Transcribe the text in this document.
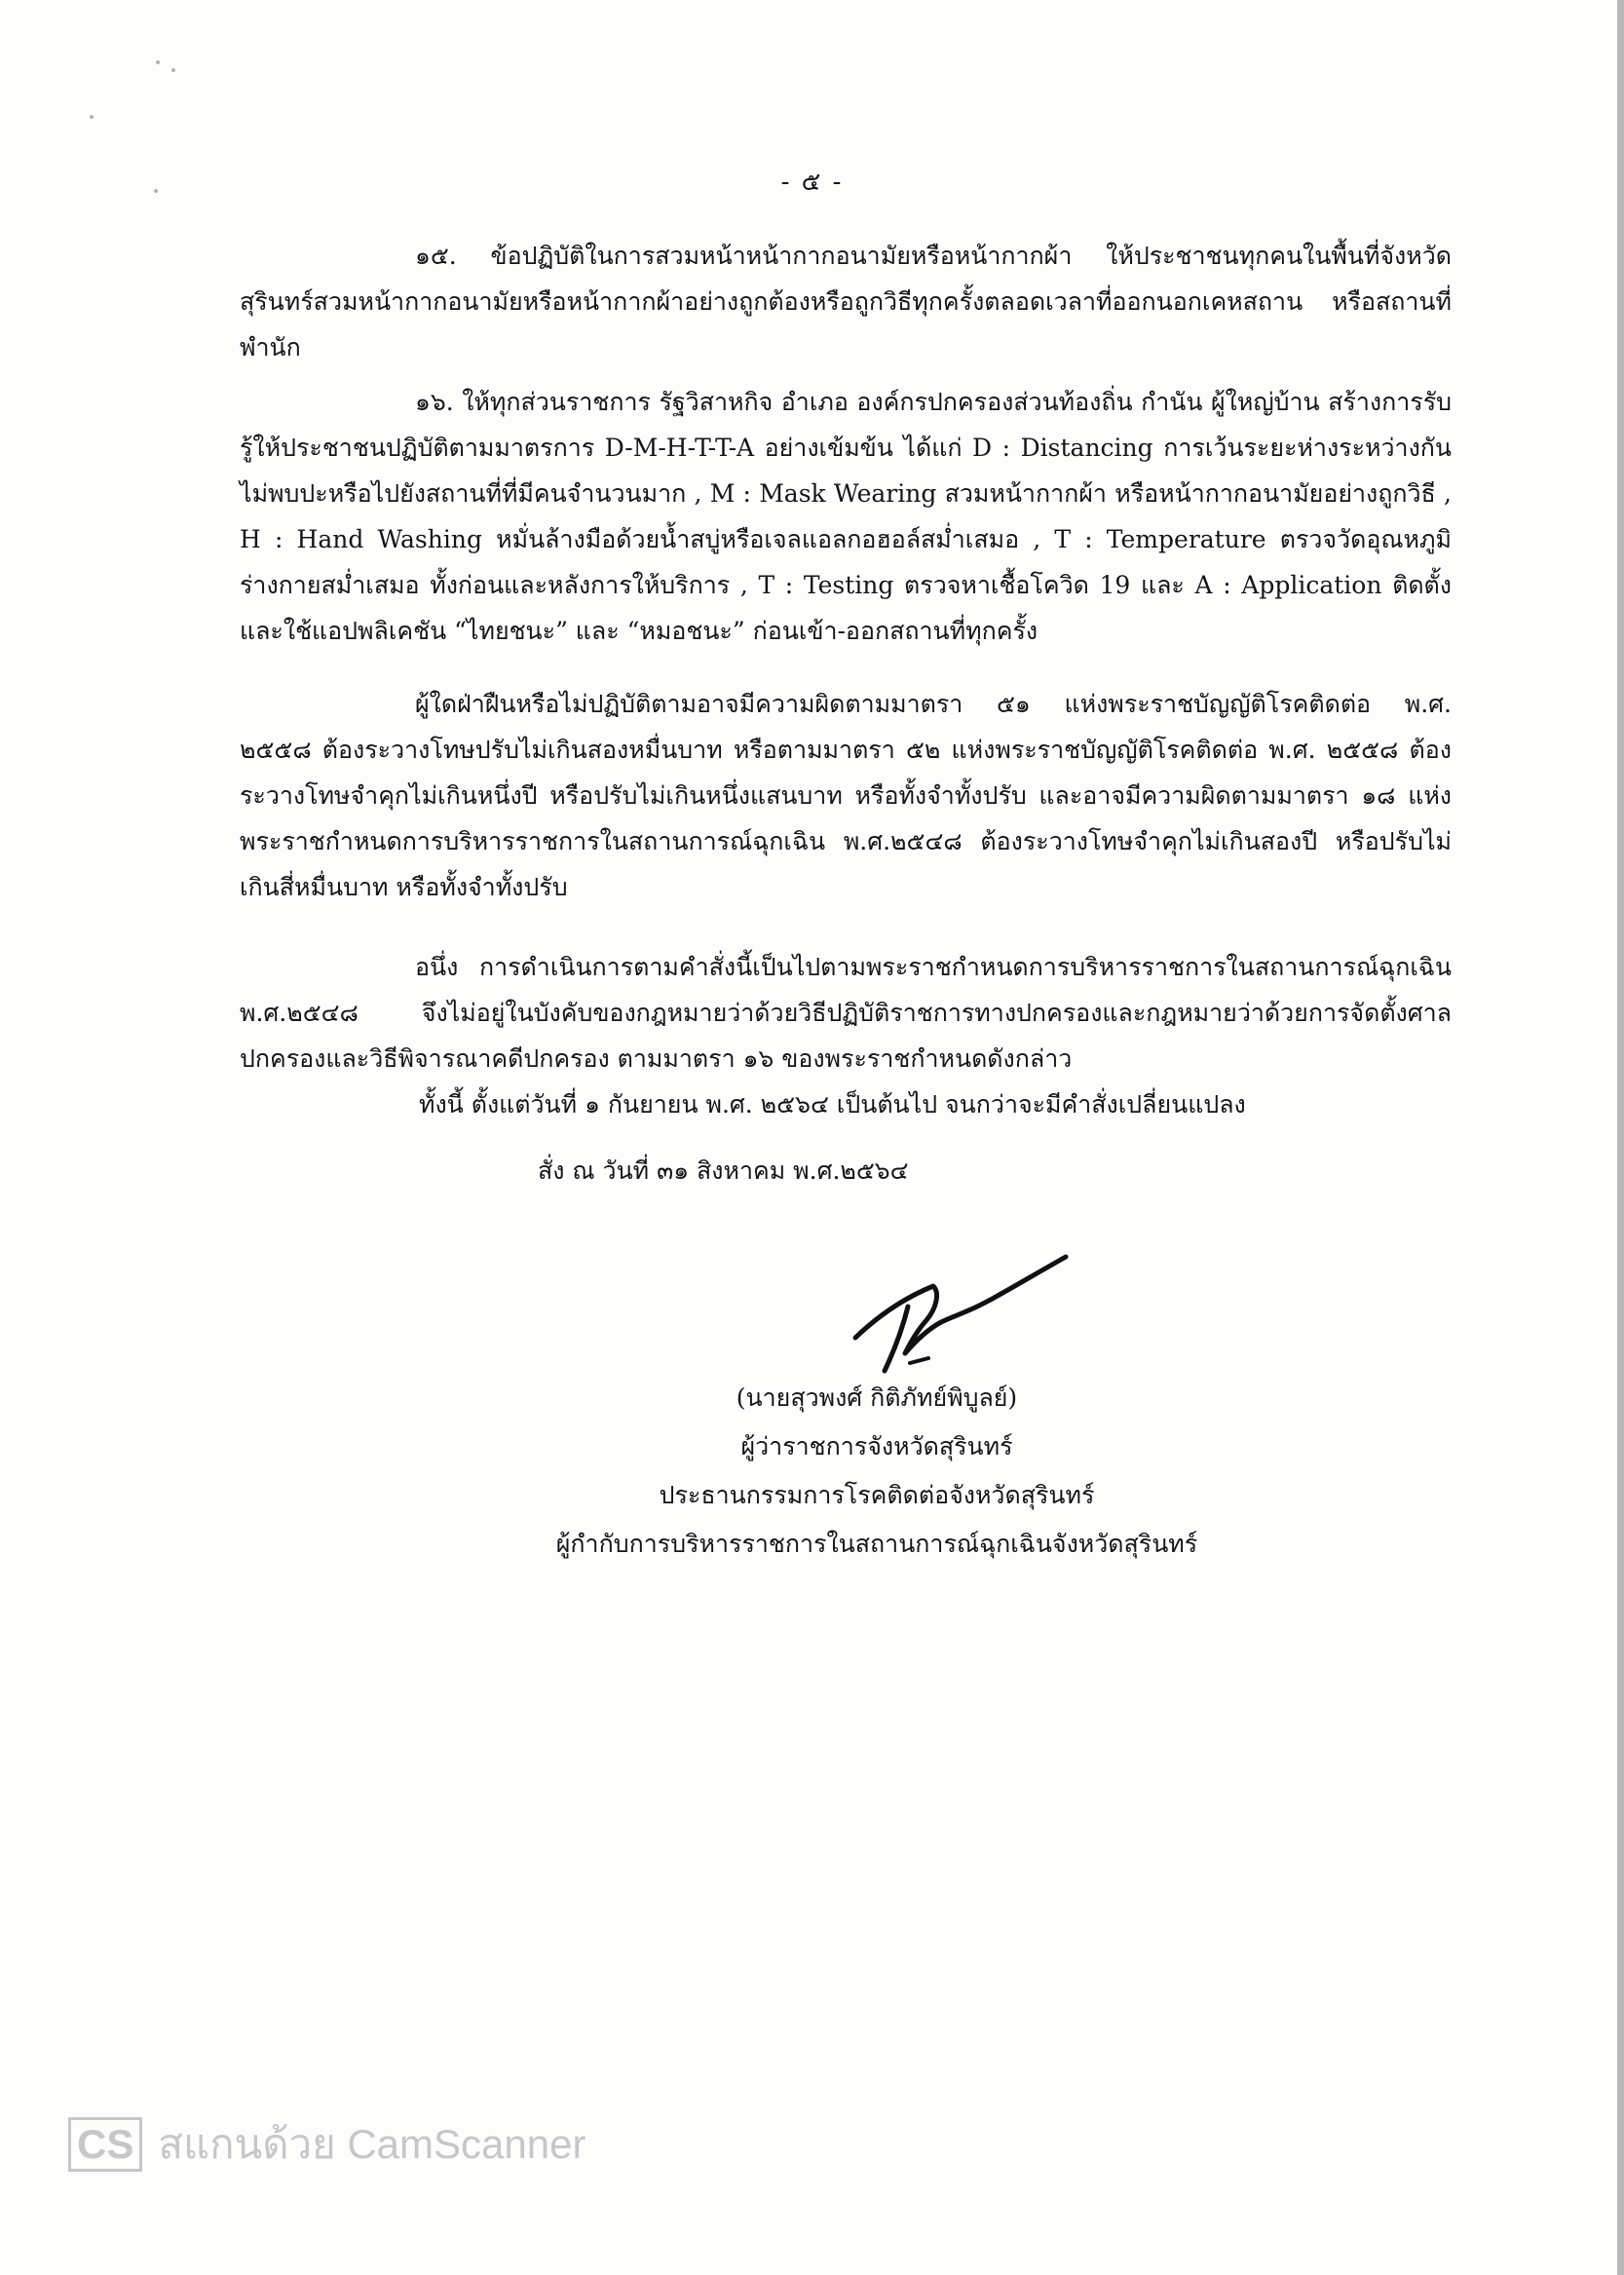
- ๕ -

๑๕. ข้อปฏิบัติในการสวมหน้าหน้ากากอนามัยหรือหน้ากากผ้า ให้ประชาชนทุกคนในพื้นที่จังหวัดสุรินทร์สวมหน้ากากอนามัยหรือหน้ากากผ้าอย่างถูกต้องหรือถูกวิธีทุกครั้งตลอดเวลาที่ออกนอกเคหสถาน หรือสถานที่พำนัก

๑๖. ให้ทุกส่วนราชการ รัฐวิสาหกิจ อำเภอ องค์กรปกครองส่วนท้องถิ่น กำนัน ผู้ใหญ่บ้าน สร้างการรับรู้ให้ประชาชนปฏิบัติตามมาตรการ D-M-H-T-T-A อย่างเข้มข้น ได้แก่ D : Distancing การเว้นระยะห่างระหว่างกัน ไม่พบปะหรือไปยังสถานที่ที่มีคนจำนวนมาก , M : Mask Wearing สวมหน้ากากผ้า หรือหน้ากากอนามัยอย่างถูกวิธี , H : Hand Washing หมั่นล้างมือด้วยน้ำสบู่หรือเจลแอลกอฮอล์สม่ำเสมอ , T : Temperature ตรวจวัดอุณหภูมิร่างกายสม่ำเสมอ ทั้งก่อนและหลังการให้บริการ , T : Testing ตรวจหาเชื้อโควิด 19 และ A : Application ติดตั้งและใช้แอปพลิเคชัน “ไทยชนะ” และ “หมอชนะ” ก่อนเข้า-ออกสถานที่ทุกครั้ง

ผู้ใดฝ่าฝืนหรือไม่ปฏิบัติตามอาจมีความผิดตามมาตรา ๕๑ แห่งพระราชบัญญัติโรคติดต่อ พ.ศ. ๒๕๕๘ ต้องระวางโทษปรับไม่เกินสองหมื่นบาท หรือตามมาตรา ๕๒ แห่งพระราชบัญญัติโรคติดต่อ พ.ศ. ๒๕๕๘ ต้องระวางโทษจำคุกไม่เกินหนึ่งปี หรือปรับไม่เกินหนึ่งแสนบาท หรือทั้งจำทั้งปรับ และอาจมีความผิดตามมาตรา ๑๘ แห่งพระราชกำหนดการบริหารราชการในสถานการณ์ฉุกเฉิน พ.ศ.๒๕๔๘ ต้องระวางโทษจำคุกไม่เกินสองปี หรือปรับไม่เกินสี่หมื่นบาท หรือทั้งจำทั้งปรับ

อนึ่ง การดำเนินการตามคำสั่งนี้เป็นไปตามพระราชกำหนดการบริหารราชการในสถานการณ์ฉุกเฉิน พ.ศ.๒๕๔๘ จึงไม่อยู่ในบังคับของกฎหมายว่าด้วยวิธีปฏิบัติราชการทางปกครองและกฎหมายว่าด้วยการจัดตั้งศาลปกครองและวิธีพิจารณาคดีปกครอง ตามมาตรา ๑๖ ของพระราชกำหนดดังกล่าว

ทั้งนี้ ตั้งแต่วันที่ ๑ กันยายน พ.ศ. ๒๕๖๔ เป็นต้นไป จนกว่าจะมีคำสั่งเปลี่ยนแปลง
สั่ง ณ วันที่ ๓๑ สิงหาคม พ.ศ.๒๕๖๔
(นายสุวพงศ์ กิติภัทย์พิบูลย์)
ผู้ว่าราชการจังหวัดสุรินทร์
ประธานกรรมการโรคติดต่อจังหวัดสุรินทร์
ผู้กำกับการบริหารราชการในสถานการณ์ฉุกเฉินจังหวัดสุรินทร์
CS สแกนด้วย CamScanner
